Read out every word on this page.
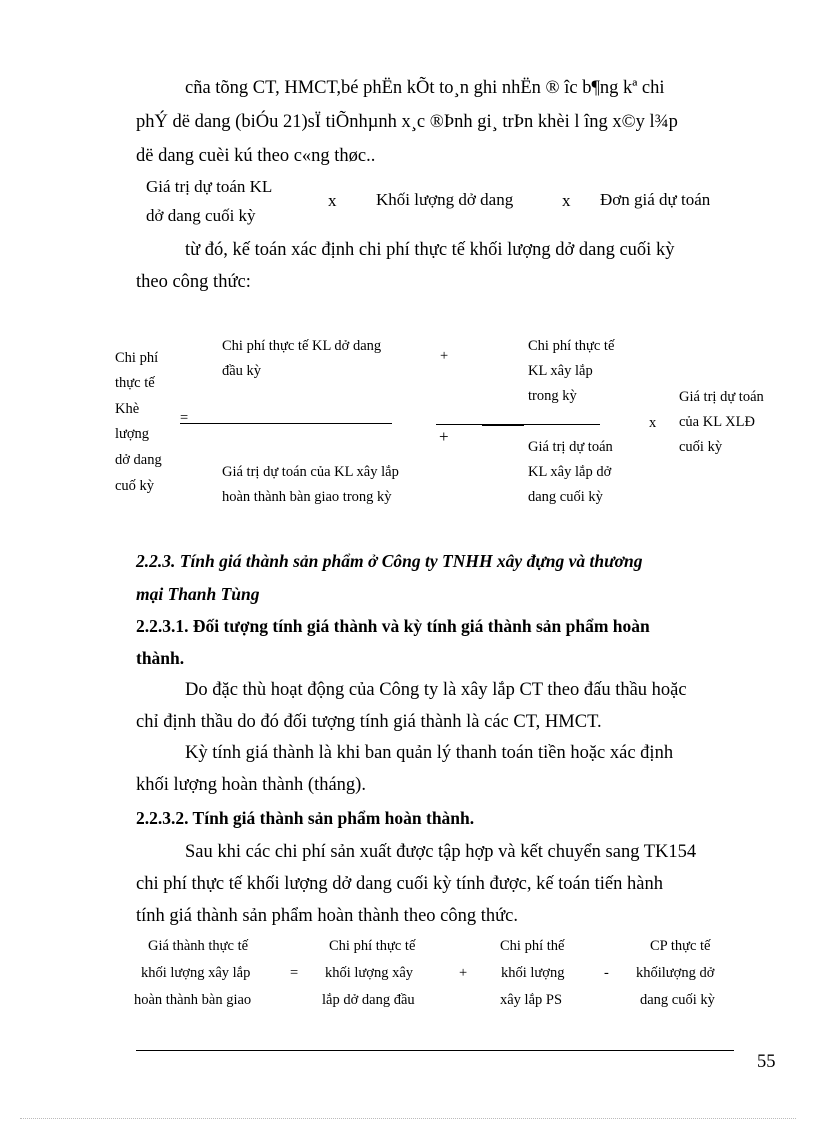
cña tõng CT, HMCT,bé phËn kÕt to¸n ghi nhËn ® îc b¶ng kª chi
phÝ dë dang (biÓu 21)sÏ tiÕnhµnh x¸c ®Þnh gi¸ trÞn khèi l îng x©y l¾p
dë dang cuèi kú theo c«ng thøc..
Giá trị dự toán KL
dở dang cuối kỳ
x Khối lượng dở dang	x Đơn giá dự toán
từ đó, kế toán xác định chi phí thực tế khối lượng dở dang cuối kỳ
theo công thức:
Chi phí
thực tế
Khè
lượng
dở dang
cuố kỳ
=
Chi phí thực tế KL dở dang
đầu kỳ
+
Chi phí thực tế
KL xây lắp
trong kỳ
+
Giá trị dự toán của KL xây lắp
hoàn thành bàn giao trong kỳ
Giá trị dự toán
KL xây lắp dở
dang cuối kỳ
x
Giá trị dự toán
của KL XLĐ
cuối kỳ
2.2.3. Tính giá thành sản phẩm ở Công ty TNHH xây đựng và thương
mại Thanh Tùng
2.2.3.1. Đối tượng tính giá thành và kỳ tính giá thành sản phẩm hoàn
thành.
Do đặc thù hoạt động của Công ty là xây lắp CT theo đấu thầu hoặc
chỉ định thầu do đó đối tượng tính giá thành là các CT, HMCT.
Kỳ tính giá thành là khi ban quản lý thanh toán tiền hoặc xác định
khối lượng hoàn thành (tháng).
2.2.3.2. Tính giá thành sản phẩm hoàn thành.
Sau khi các chi phí sản xuất được tập hợp và kết chuyển sang TK154
chi phí thực tế khối lượng dở dang cuối kỳ tính được, kế toán tiến hành
tính giá thành sản phẩm hoàn thành theo công thức.
Giá thành thực tế
khối lượng xây lắp
hoàn thành bàn giao
=
Chi phí thực tế
khối lượng xây
lắp dở dang đầu
+
Chi phí thế
khối lượng
xây lắp PS
-
CP thực tế
khốilượng dở
dang cuối kỳ
55
